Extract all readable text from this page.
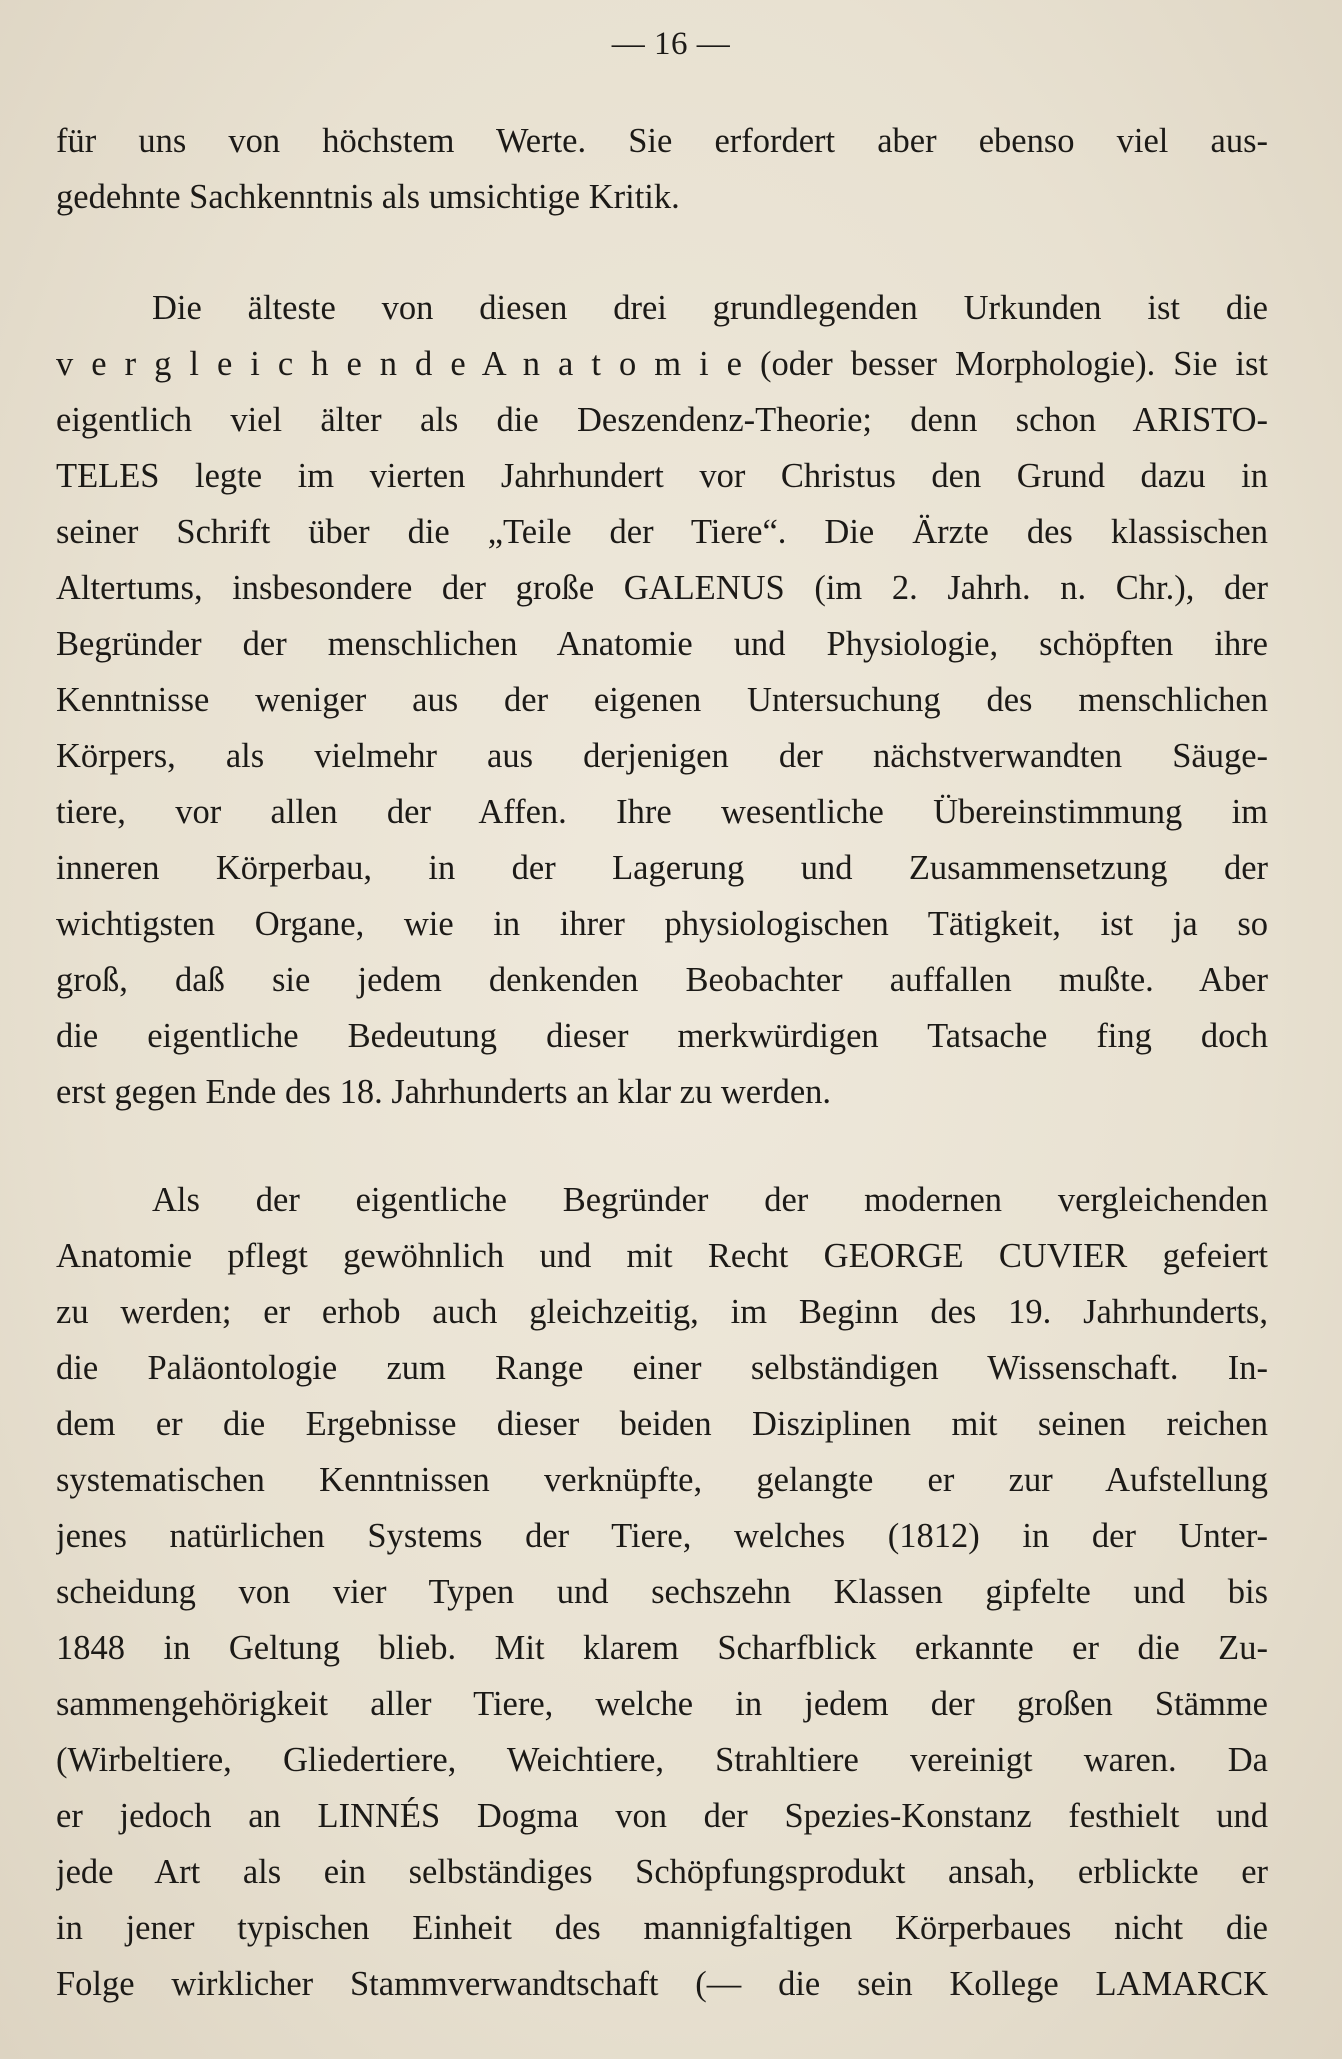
— 16 —
für uns von höchstem Werte. Sie erfordert aber ebenso viel aus-
gedehnte Sachkenntnis als umsichtige Kritik.
Die älteste von diesen drei grundlegenden Urkunden ist die
v e r g l e i c h e n d e A n a t o m i e (oder besser Morphologie). Sie ist
eigentlich viel älter als die Deszendenz-Theorie; denn schon ARISTO-
TELES legte im vierten Jahrhundert vor Christus den Grund dazu in
seiner Schrift über die „Teile der Tiere“. Die Ärzte des klassischen
Altertums, insbesondere der große GALENUS (im 2. Jahrh. n. Chr.), der
Begründer der menschlichen Anatomie und Physiologie, schöpften ihre
Kenntnisse weniger aus der eigenen Untersuchung des menschlichen
Körpers, als vielmehr aus derjenigen der nächstverwandten Säuge-
tiere, vor allen der Affen. Ihre wesentliche Übereinstimmung im
inneren Körperbau, in der Lagerung und Zusammensetzung der
wichtigsten Organe, wie in ihrer physiologischen Tätigkeit, ist ja so
groß, daß sie jedem denkenden Beobachter auffallen mußte. Aber
die eigentliche Bedeutung dieser merkwürdigen Tatsache fing doch
erst gegen Ende des 18. Jahrhunderts an klar zu werden.
Als der eigentliche Begründer der modernen vergleichenden
Anatomie pflegt gewöhnlich und mit Recht GEORGE CUVIER gefeiert
zu werden; er erhob auch gleichzeitig, im Beginn des 19. Jahrhunderts,
die Paläontologie zum Range einer selbständigen Wissenschaft. In-
dem er die Ergebnisse dieser beiden Disziplinen mit seinen reichen
systematischen Kenntnissen verknüpfte, gelangte er zur Aufstellung
jenes natürlichen Systems der Tiere, welches (1812) in der Unter-
scheidung von vier Typen und sechszehn Klassen gipfelte und bis
1848 in Geltung blieb. Mit klarem Scharfblick erkannte er die Zu-
sammengehörigkeit aller Tiere, welche in jedem der großen Stämme
(Wirbeltiere, Gliedertiere, Weichtiere, Strahltiere vereinigt waren. Da
er jedoch an LINNÉS Dogma von der Spezies-Konstanz festhielt und
jede Art als ein selbständiges Schöpfungsprodukt ansah, erblickte er
in jener typischen Einheit des mannigfaltigen Körperbaues nicht die
Folge wirklicher Stammverwandtschaft (— die sein Kollege LAMARCK
